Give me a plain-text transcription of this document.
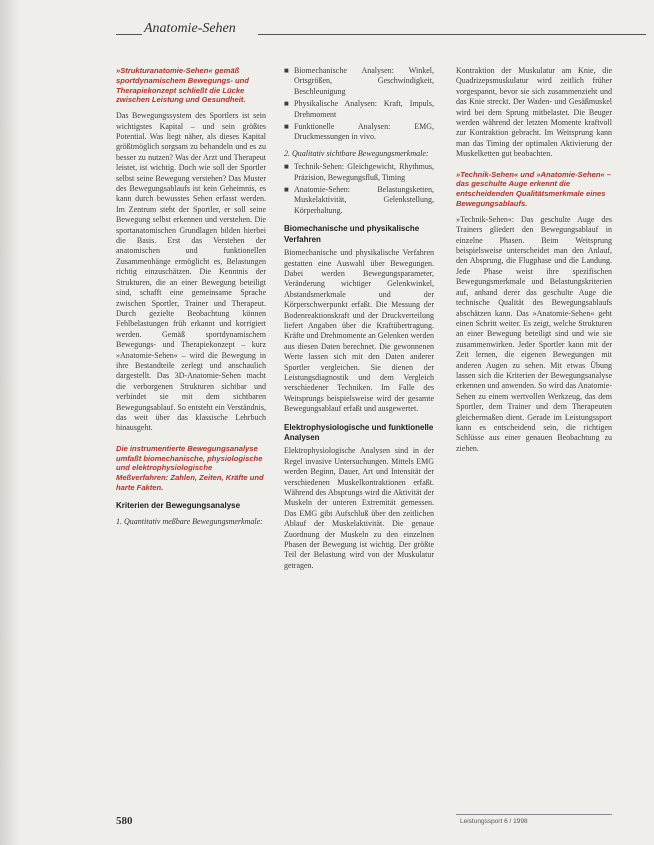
Anatomie-Sehen

»Strukturanatomie-Sehen« gemäß sportdynamischem Bewegungs- und Therapiekonzept schließt die Lücke zwischen Leistung und Gesundheit.

Das Bewegungssystem des Sportlers ist sein wichtigstes Kapital – und sein größtes Potential. Was liegt näher, als dieses Kapital größtmöglich sorgsam zu behandeln und es zu besser zu nutzen? Was der Arzt und Therapeut leistet, ist wichtig. Doch wie soll der Sportler selbst seine Bewegung verstehen? Das Muster des Bewegungsablaufs ist kein Geheimnis, es kann durch bewusstes Sehen erfasst werden. Im Zentrum steht der Sportler, er soll seine Bewegung selbst erkennen und verstehen. Die sportanatomischen Grundlagen bilden hierbei die Basis. Erst das Verstehen der anatomischen und funktionellen Zusammenhänge ermöglicht es, Belastungen richtig einzuschätzen. Die Kenntnis der Strukturen, die an einer Bewegung beteiligt sind, schafft eine gemeinsame Sprache zwischen Sportler, Trainer und Therapeut. Durch gezielte Beobachtung können Fehlbelastungen früh erkannt und korrigiert werden. Gemäß sportdynamischem Bewegungs- und Therapiekonzept – kurz »Anatomie-Sehen« – wird die Bewegung in ihre Bestandteile zerlegt und anschaulich dargestellt. Das 3D-Anatomie-Sehen macht die verborgenen Strukturen sichtbar und verbindet sie mit dem sichtbaren Bewegungsablauf. So entsteht ein Verständnis, das weit über das klassische Lehrbuch hinausgeht.

Die instrumentierte Bewegungsanalyse umfaßt biomechanische, physiologische und elektrophysiologische Meßverfahren: Zahlen, Zeiten, Kräfte und harte Fakten.

Kriterien der Bewegungsanalyse
1. Quantitativ meßbare Bewegungsmerkmale:
■ Biomechanische Analysen: Winkel, Ortsgrößen, Geschwindigkeit, Beschleunigung
■ Physikalische Analysen: Kraft, Impuls, Drehmoment
■ Funktionelle Analysen: EMG, Druckmessungen in vivo.
2. Qualitativ sichtbare Bewegungsmerkmale:
■ Technik-Sehen: Gleichgewicht, Rhythmus, Präzision, Bewegungsfluß, Timing
■ Anatomie-Sehen: Belastungsketten, Muskelaktivität, Gelenkstellung, Körperhaltung.
Biomechanische und physikalische Verfahren

Biomechanische und physikalische Verfahren gestatten eine Auswahl über Bewegungen. Dabei werden Bewegungsparameter, Veränderung wichtiger Gelenkwinkel, Abstandsmerkmale und der Körperschwerpunkt erfaßt. Die Messung der Bodenreaktionskraft und der Druckverteilung liefert Angaben über die Kraftübertragung. Kräfte und Drehmomente an Gelenken werden aus diesen Daten berechnet. Die gewonnenen Werte lassen sich mit den Daten anderer Sportler vergleichen. Sie dienen der Leistungsdiagnostik und dem Vergleich verschiedener Techniken. Im Falle des Weitsprungs beispielsweise wird der gesamte Bewegungsablauf erfaßt und ausgewertet.

Elektrophysiologische und funktionelle Analysen

Elektrophysiologische Analysen sind in der Regel invasive Untersuchungen. Mittels EMG werden Beginn, Dauer, Art und Intensität der verschiedenen Muskelkontraktionen erfaßt. Während des Absprungs wird die Aktivität der Muskeln der unteren Extremität gemessen. Das EMG gibt Aufschluß über den zeitlichen Ablauf der Muskelaktivität. Die genaue Zuordnung der Muskeln zu den einzelnen Phasen der Bewegung ist wichtig. Der größte Teil der Belastung wird von der Muskulatur getragen.

Kontraktion der Muskulatur am Knie, die Quadrizepsmuskulatur wird zeitlich früher vorgespannt, bevor sie sich zusammenzieht und das Knie streckt. Der Waden- und Gesäßmuskel wird bei dem Sprung mitbelastet. Die Beuger werden während der letzten Momente kraftvoll zur Kontraktion gebracht. Im Weitsprung kann man das Timing der optimalen Aktivierung der Muskelketten gut beobachten.

»Technik-Sehen« und »Anatomie-Sehen« – das geschulte Auge erkennt die entscheidenden Qualitätsmerkmale eines Bewegungsablaufs.

»Technik-Sehen«: Das geschulte Auge des Trainers gliedert den Bewegungsablauf in einzelne Phasen. Beim Weitsprung beispielsweise unterscheidet man den Anlauf, den Absprung, die Flugphase und die Landung. Jede Phase weist ihre spezifischen Bewegungsmerkmale und Belastungskriterien auf, anhand derer das geschulte Auge die technische Qualität des Bewegungsablaufs abschätzen kann. Das »Anatomie-Sehen« geht einen Schritt weiter. Es zeigt, welche Strukturen an einer Bewegung beteiligt sind und wie sie zusammenwirken. Jeder Sportler kann mit der Zeit lernen, die eigenen Bewegungen mit anderen Augen zu sehen. Mit etwas Übung lassen sich die Kriterien der Bewegungsanalyse erkennen und anwenden. So wird das Anatomie-Sehen zu einem wertvollen Werkzeug, das dem Sportler, dem Trainer und dem Therapeuten gleichermaßen dient. Gerade im Leistungssport kann es entscheidend sein, die richtigen Schlüsse aus einer genauen Beobachtung zu ziehen.

580	Leistungssport 6 / 1998
